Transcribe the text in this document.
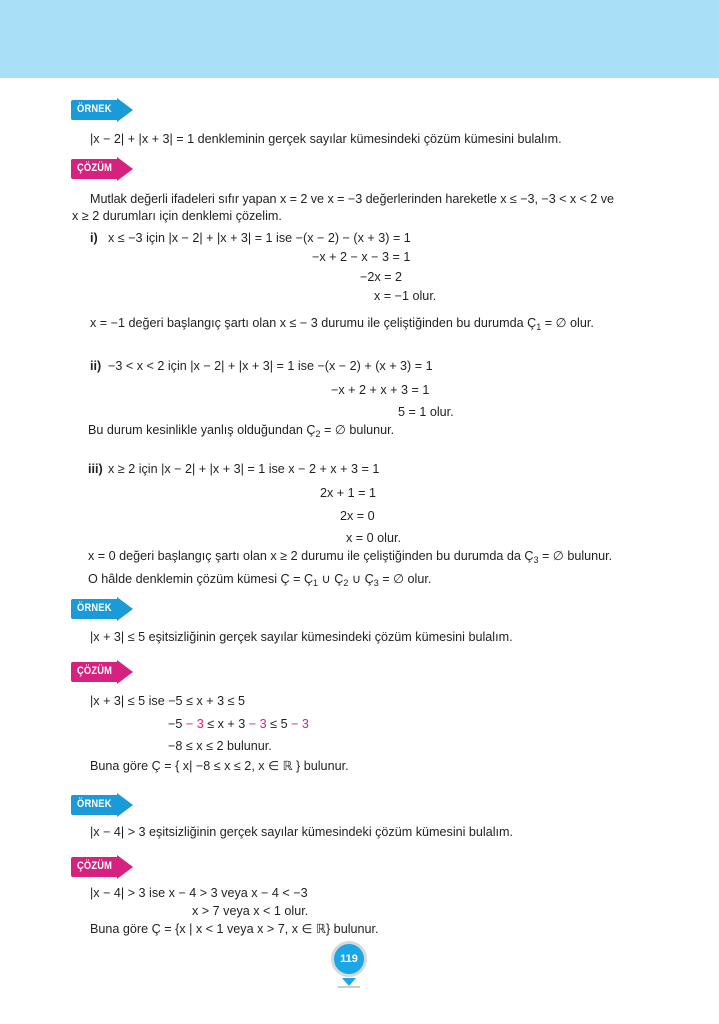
ÖRNEK
|x − 2| + |x + 3| = 1 denkleminin gerçek sayılar kümesindeki çözüm kümesini bulalım.
ÇÖZÜM
Mutlak değerli ifadeleri sıfır yapan x = 2 ve x = −3 değerlerinden hareketle x ≤ −3, −3 < x < 2 ve
x ≥ 2 durumları için denklemi çözelim.
i) x ≤ −3 için |x − 2| + |x + 3| = 1 ise −(x − 2) − (x + 3) = 1
−x + 2 − x − 3 = 1
−2x = 2
x = −1 olur.
x = −1 değeri başlangıç şartı olan x ≤ − 3 durumu ile çeliştiğinden bu durumda $Ç_1$ = ∅ olur.
ii) −3 < x < 2 için |x − 2| + |x + 3| = 1 ise −(x − 2) + (x + 3) = 1
−x + 2 + x + 3 = 1
5 = 1 olur.
Bu durum kesinlikle yanlış olduğundan $Ç_2$ = ∅ bulunur.
iii) x ≥ 2 için |x − 2| + |x + 3| = 1 ise x − 2 + x + 3 = 1
2x + 1 = 1
2x = 0
x = 0 olur.
x = 0 değeri başlangıç şartı olan x ≥ 2 durumu ile çeliştiğinden bu durumda da $Ç_3$ = ∅ bulunur.
O hâlde denklemin çözüm kümesi Ç = $Ç_1$ ∪ $Ç_2$ ∪ $Ç_3$ = ∅ olur.
ÖRNEK
|x + 3| ≤ 5 eşitsizliğinin gerçek sayılar kümesindeki çözüm kümesini bulalım.
ÇÖZÜM
|x + 3| ≤ 5 ise −5 ≤ x + 3 ≤ 5
−5 − 3 ≤ x + 3 − 3 ≤ 5 − 3
−8 ≤ x ≤ 2 bulunur.
Buna göre Ç = { x| −8 ≤ x ≤ 2, x ∈ ℝ } bulunur.
ÖRNEK
|x − 4| > 3 eşitsizliğinin gerçek sayılar kümesindeki çözüm kümesini bulalım.
ÇÖZÜM
|x − 4| > 3 ise x − 4 > 3 veya x − 4 < −3
x > 7 veya x < 1 olur.
Buna göre Ç = {x | x < 1 veya x > 7, x ∈ ℝ} bulunur.
119
